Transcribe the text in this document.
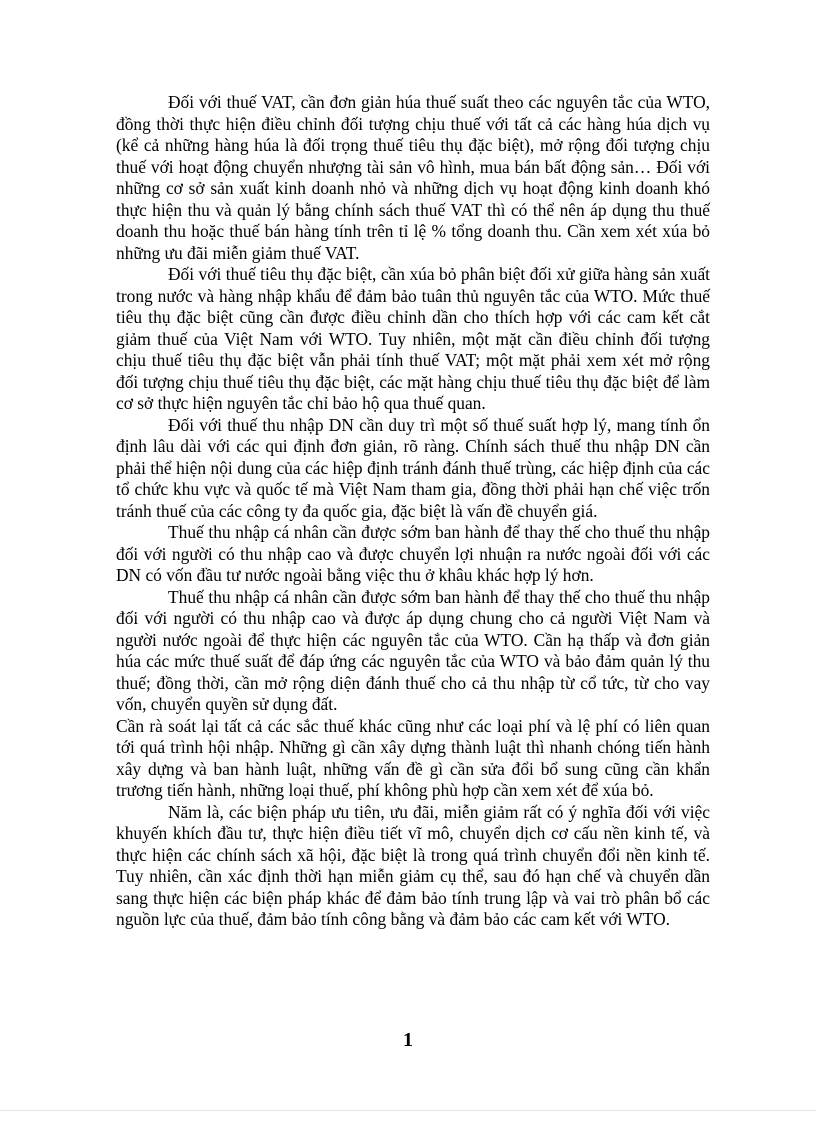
Đối với thuế VAT, cần đơn giản húa thuế suất theo các nguyên tắc của WTO, đồng thời thực hiện điều chỉnh đối tượng chịu thuế với tất cả các hàng húa dịch vụ (kể cả những hàng húa là đối trọng thuế tiêu thụ đặc biệt), mở rộng đối tượng chịu thuế với hoạt động chuyển nhượng tài sản vô hình, mua bán bất động sản… Đối với những cơ sở sản xuất kinh doanh nhỏ và những dịch vụ hoạt động kinh doanh khó thực hiện thu và quản lý bằng chính sách thuế VAT thì có thể nên áp dụng thu thuế doanh thu hoặc thuế bán hàng tính trên tỉ lệ % tổng doanh thu. Cần xem xét xúa bỏ những ưu đãi miễn giảm thuế VAT.

Đối với thuế tiêu thụ đặc biệt, cần xúa bỏ phân biệt đối xử giữa hàng sản xuất trong nước và hàng nhập khẩu để đảm bảo tuân thủ nguyên tắc của WTO. Mức thuế tiêu thụ đặc biệt cũng cần được điều chỉnh dần cho thích hợp với các cam kết cắt giảm thuế của Việt Nam với WTO. Tuy nhiên, một mặt cần điều chỉnh đối tượng chịu thuế tiêu thụ đặc biệt vẫn phải tính thuế VAT; một mặt phải xem xét mở rộng đối tượng chịu thuế tiêu thụ đặc biệt, các mặt hàng chịu thuế tiêu thụ đặc biệt để làm cơ sở thực hiện nguyên tắc chỉ bảo hộ qua thuế quan.

Đối với thuế thu nhập DN cần duy trì một số thuế suất hợp lý, mang tính ổn định lâu dài với các qui định đơn giản, rõ ràng. Chính sách thuế thu nhập DN cần phải thể hiện nội dung của các hiệp định tránh đánh thuế trùng, các hiệp định của các tổ chức khu vực và quốc tế mà Việt Nam tham gia, đồng thời phải hạn chế việc trốn tránh thuế của các công ty đa quốc gia, đặc biệt là vấn đề chuyển giá.

Thuế thu nhập cá nhân cần được sớm ban hành để thay thế cho thuế thu nhập đối với người có thu nhập cao và được chuyển lợi nhuận ra nước ngoài đối với các DN có vốn đầu tư nước ngoài bằng việc thu ở khâu khác hợp lý hơn.

Thuế thu nhập cá nhân cần được sớm ban hành để thay thế cho thuế thu nhập đối với người có thu nhập cao và được áp dụng chung cho cả người Việt Nam và người nước ngoài để thực hiện các nguyên tắc của WTO. Cần hạ thấp và đơn giản húa các mức thuế suất để đáp ứng các nguyên tắc của WTO và bảo đảm quản lý thu thuế; đồng thời, cần mở rộng diện đánh thuế cho cả thu nhập từ cổ tức, từ cho vay vốn, chuyển quyền sử dụng đất.

Cần rà soát lại tất cả các sắc thuế khác cũng như các loại phí và lệ phí có liên quan tới quá trình hội nhập. Những gì cần xây dựng thành luật thì nhanh chóng tiến hành xây dựng và ban hành luật, những vấn đề gì cần sửa đổi bổ sung cũng cần khẩn trương tiến hành, những loại thuế, phí không phù hợp cần xem xét để xúa bỏ.

Năm là, các biện pháp ưu tiên, ưu đãi, miễn giảm rất có ý nghĩa đối với việc khuyến khích đầu tư, thực hiện điều tiết vĩ mô, chuyển dịch cơ cấu nền kinh tế, và thực hiện các chính sách xã hội, đặc biệt là trong quá trình chuyển đổi nền kinh tế. Tuy nhiên, cần xác định thời hạn miễn giảm cụ thể, sau đó hạn chế và chuyển dần sang thực hiện các biện pháp khác để đảm bảo tính trung lập và vai trò phân bổ các nguồn lực của thuế, đảm bảo tính công bằng và đảm bảo các cam kết với WTO.

1
